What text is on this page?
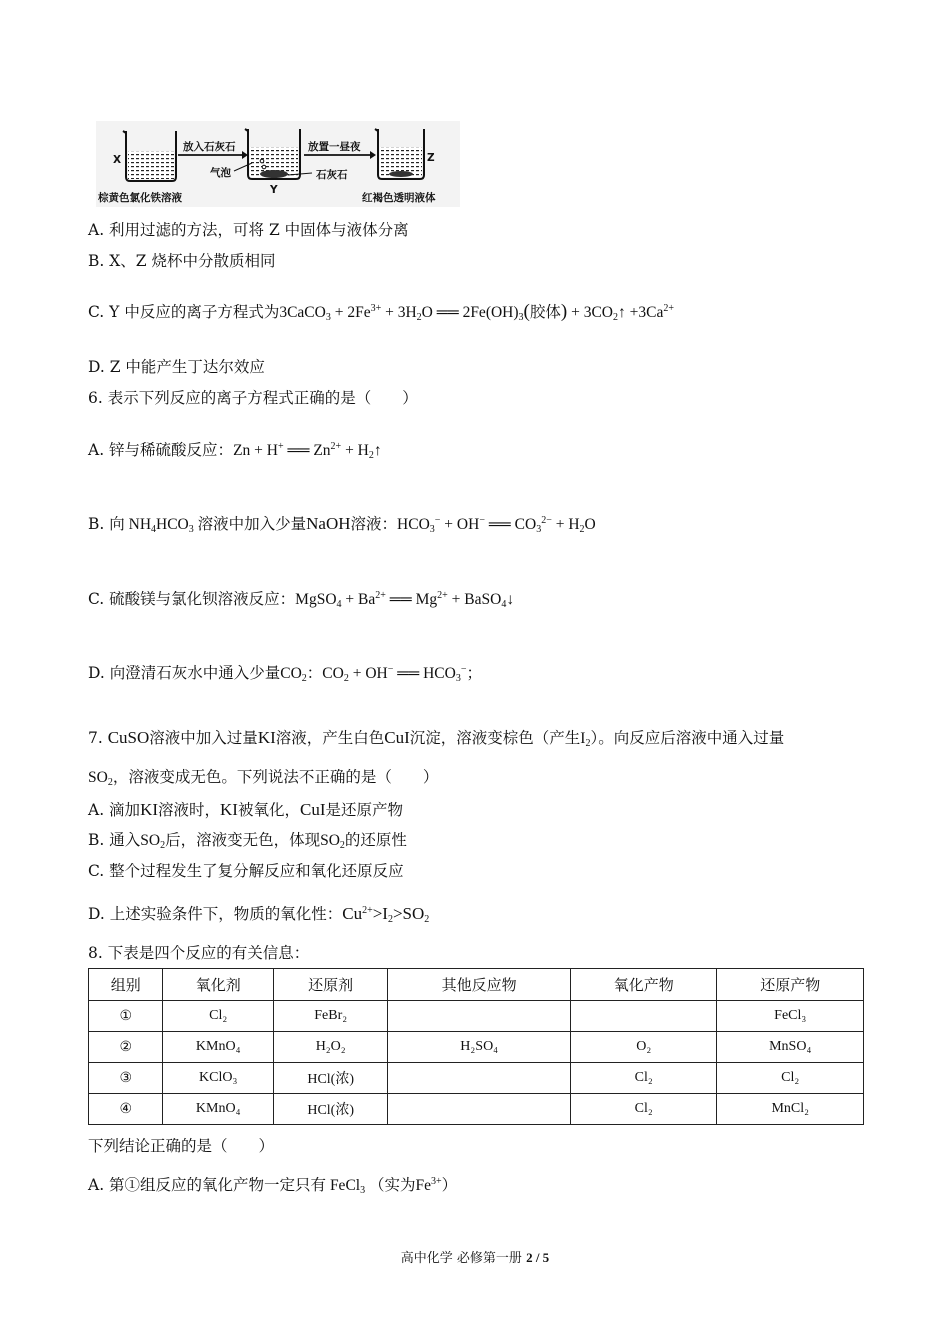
X
Y
Z
放入石灰石	放置一昼夜
气泡	石灰石
棕黄色氯化铁溶液	红褐色透明液体
A. 利用过滤的方法，可将 Z 中固体与液体分离
B. X、Z 烧杯中分散质相同
C. Y 中反应的离子方程式为3CaCO$_3$ + $2Fe^{3+} + 3H_2O$ ══ $2Fe(OH)_3$(胶体) + $3CO_2↑ +3Ca^{2+}$
D. Z 中能产生丁达尔效应
6. 表示下列反应的离子方程式正确的是（　　）
A. 锌与稀硫酸反应：Zn + H+ ══ $Zn^{2+}$ + $H_2↑$
B. 向 $NH_4HCO_3$ 溶液中加入少量NaOH溶液：$HCO_3^- + OH^-$ ══ $CO_3^{2-} + H_2O$
C. 硫酸镁与氯化钡溶液反应：MgSO$_4$ + $Ba^{2+}$ ══ $Mg^{2+}$ + BaSO$_4$↓
D. 向澄清石灰水中通入少量$CO_2$：$CO_2 + OH^-$ ══ $HCO_3^-$；
7. CuSO溶液中加入过量KI溶液，产生白色CuI沉淀，溶液变棕色（产生$I_2$）。向反应后溶液中通入过量
$SO_2$，溶液变成无色。下列说法不正确的是（　　）
A. 滴加KI溶液时，KI被氧化，CuI是还原产物
B. 通入$SO_2$后，溶液变无色，体现$SO_2$的还原性
C. 整个过程发生了复分解反应和氧化还原反应
D. 上述实验条件下，物质的氧化性：$Cu^{2+}>I_2>SO_2$
8. 下表是四个反应的有关信息：
组别	氧化剂	还原剂	其他反应物	氧化产物	还原产物
①	Cl₂	FeBr₂			FeCl₃
②	KMnO₄	H₂O₂	H₂SO₄	O₂	MnSO₄
③	KClO₃	HCl(浓)		Cl₂	Cl₂
④	KMnO₄	HCl(浓)		Cl₂	MnCl₂
下列结论正确的是（　　）
A. 第①组反应的氧化产物一定只有 FeCl$_3$ （实为$Fe^{3+}$）
高中化学 必修第一册 2 / 5
